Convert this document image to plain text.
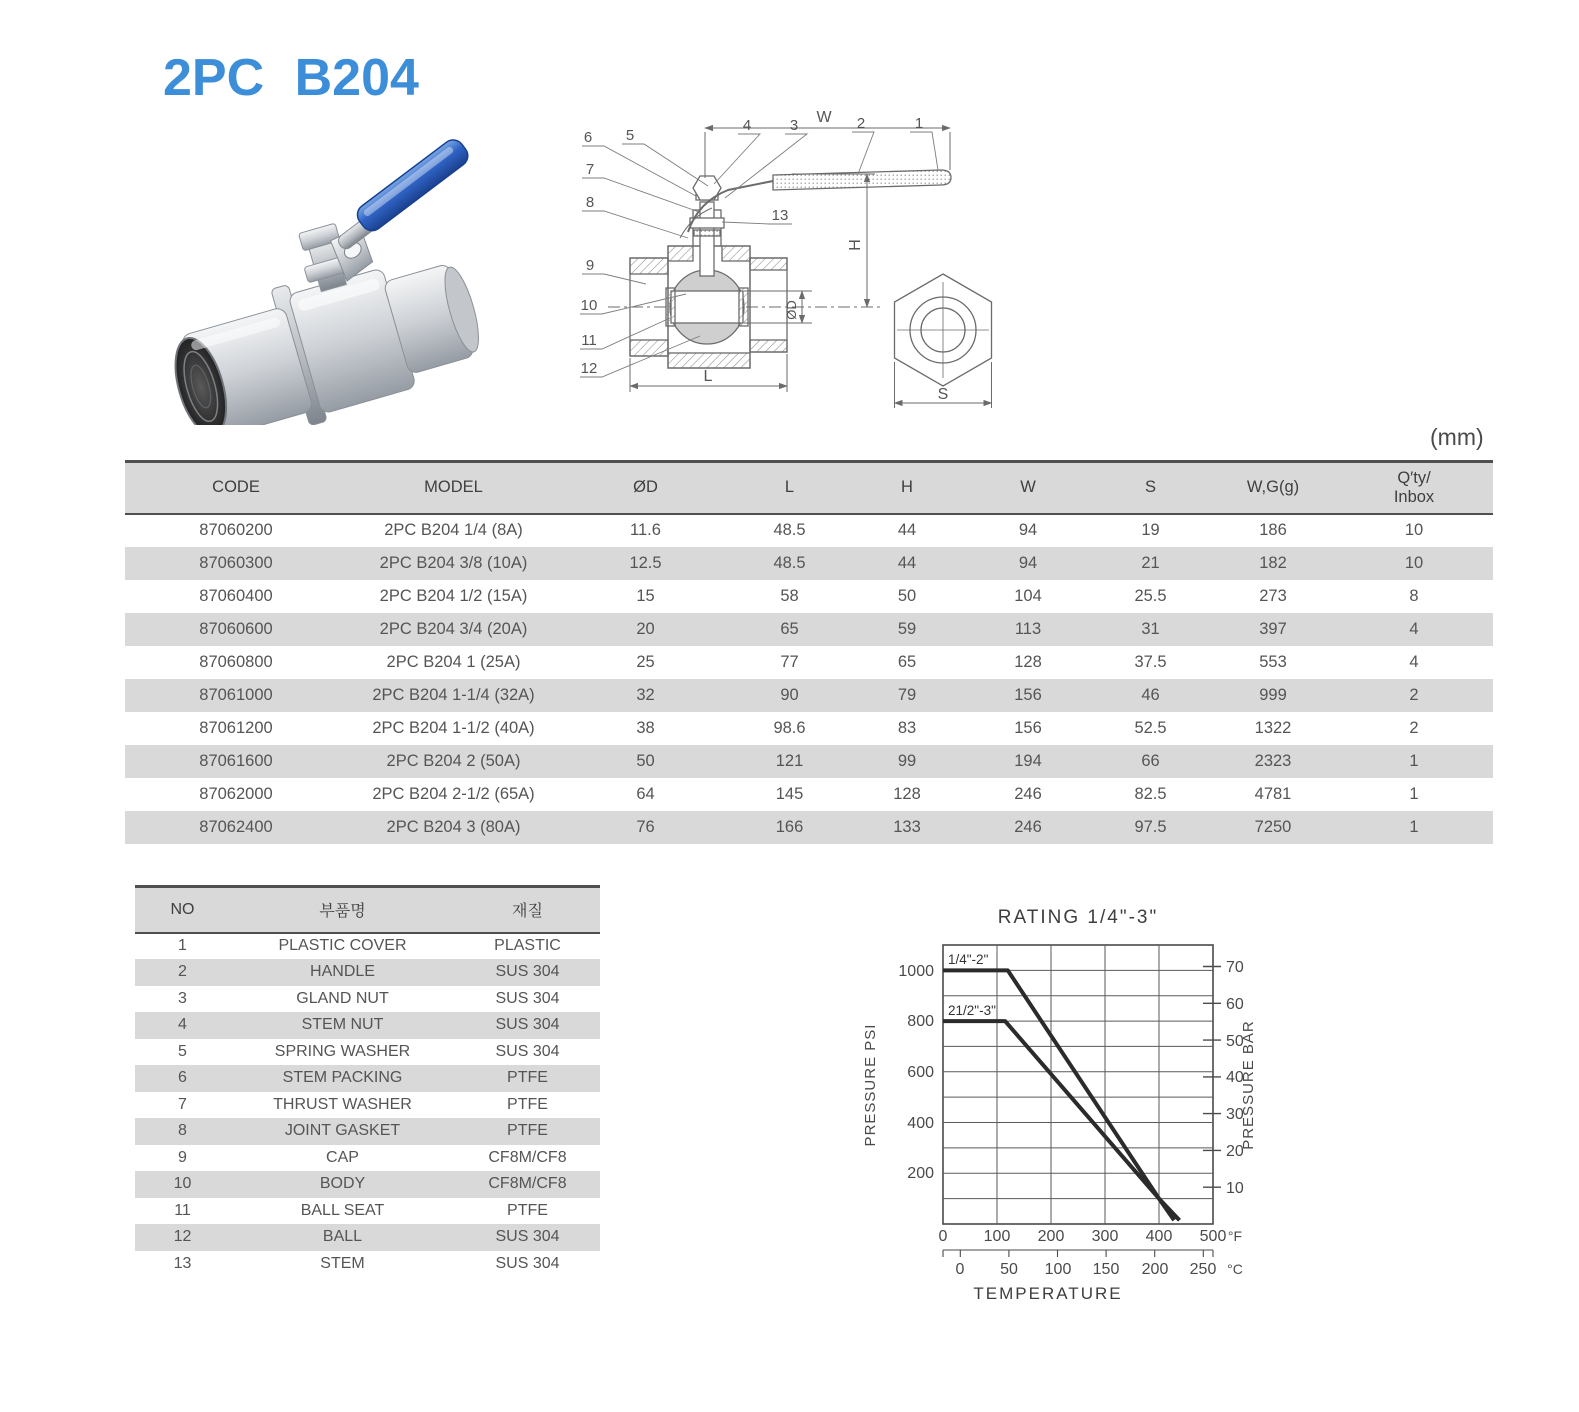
2PC B204
6 5
4	3	2	1
7
8
9
10
11
12
13
W
H
ØD
L
S
(mm)
CODE	MODEL	ØD	L	H	W	S	W,G(g)	Q′ty/
Inbox

87060200	2PC B204 1/4 (8A)	11.6	48.5	44	94	19	186	10
87060300	2PC B204 3/8 (10A)	12.5	48.5	44	94	21	182	10
87060400	2PC B204 1/2 (15A)	15	58	50	104	25.5	273	8
87060600	2PC B204 3/4 (20A)	20	65	59	113	31	397	4
87060800	2PC B204 1 (25A)	25	77	65	128	37.5	553	4
87061000	2PC B204 1-1/4 (32A)	32	90	79	156	46	999	2
87061200	2PC B204 1-1/2 (40A)	38	98.6	83	156	52.5	1322	2
87061600	2PC B204 2 (50A)	50	121	99	194	66	2323	1
87062000	2PC B204 2-1/2 (65A)	64	145	128	246	82.5	4781	1
87062400	2PC B204 3 (80A)	76	166	133	246	97.5	7250	1
NO	부품명	재질
1	PLASTIC COVER	PLASTIC
2	HANDLE	SUS 304
3	GLAND NUT	SUS 304
4	STEM NUT	SUS 304
5	SPRING WASHER	SUS 304
6	STEM PACKING	PTFE
7	THRUST WASHER	PTFE
8	JOINT GASKET	PTFE
9	CAP	CF8M/CF8
10	BODY	CF8M/CF8
11	BALL SEAT	PTFE
12	BALL	SUS 304
13	STEM	SUS 304
RATING 1/4"-3"
1/4"-2"
21/2"-3"
1000
800
600
400
200
70
60
50
40
30
20
10
0 100 200 300 400 500 °F
0 50 100 150 200 250 °C
TEMPERATURE
PRESSURE PSI	PRESSURE BAR
